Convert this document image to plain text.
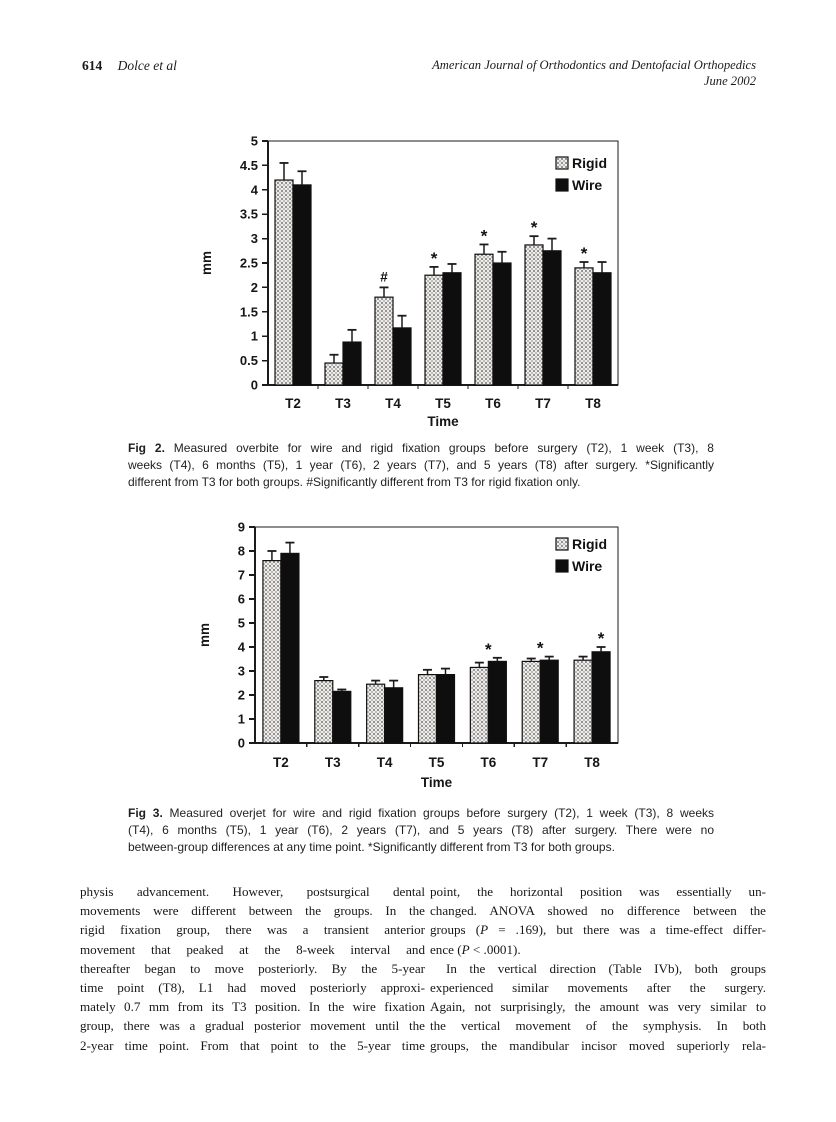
614 Dolce et al	American Journal of Orthodontics and Dentofacial Orthopedics
June 2002
0
0.5
1
1.5
2
2.5
3
3.5
4
4.5
5
T2	T3	T4	T5	T6	T7	T8
#
*
*	*
*
Rigid
Wire
Time
mm
Fig 2. Measured overbite for wire and rigid fixation groups before surgery (T2), 1 week (T3), 8
weeks (T4), 6 months (T5), 1 year (T6), 2 years (T7), and 5 years (T8) after surgery. *Significantly
different from T3 for both groups. #Significantly different from T3 for rigid fixation only.
0
1
2
3
4
5
6
7
8
9
T2	T3	T4	T5	T6	T7	T8
*	*
*
Rigid
Wire
Time
mm
Fig 3. Measured overjet for wire and rigid fixation groups before surgery (T2), 1 week (T3), 8 weeks
(T4), 6 months (T5), 1 year (T6), 2 years (T7), and 5 years (T8) after surgery. There were no
between-group differences at any time point. *Significantly different from T3 for both groups.
physis advancement. However, postsurgical dental
movements were different between the groups. In the
rigid fixation group, there was a transient anterior
movement that peaked at the 8-week interval and
thereafter began to move posteriorly. By the 5-year
time point (T8), L1 had moved posteriorly approxi-
mately 0.7 mm from its T3 position. In the wire fixation
group, there was a gradual posterior movement until the
2-year time point. From that point to the 5-year time
point, the horizontal position was essentially un-
changed. ANOVA showed no difference between the
groups (P = .169), but there was a time-effect differ-
ence (P < .0001).
In the vertical direction (Table IVb), both groups
experienced similar movements after the surgery.
Again, not surprisingly, the amount was very similar to
the vertical movement of the symphysis. In both
groups, the mandibular incisor moved superiorly rela-
